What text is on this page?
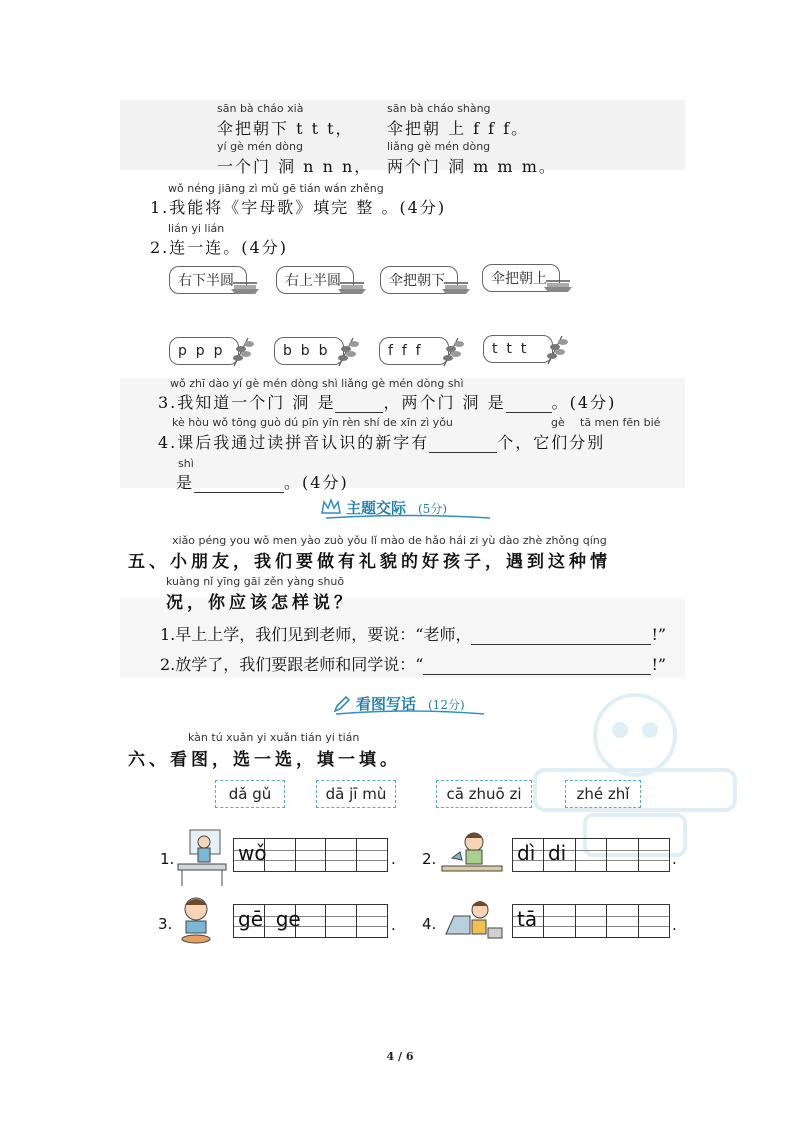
sān bà cháo xià
伞把朝下 t t t，
sān bà cháo shàng
伞把朝 上 f f f。
yí gè mén dòng
一个门 洞 n n n，
liǎng gè mén dòng
两个门 洞 m m m。
wǒ néng jiāng zì mǔ gē tián wán zhěng
1.我能将《字母歌》填完 整 。(4分)
lián yi lián
2.连一连。(4分)
右下半圆	右上半圆	伞把朝下	伞把朝上
p  p  p	b  b  b	f  f  f	t  t  t
wǒ zhī dào yí gè mén dòng shì liǎng gè mén dòng shì
3.我知道一个门 洞 是	，两个门 洞 是	。(4分)
kè hòu wǒ tōng guò dú pīn yīn rèn shí de xīn zì yǒu	gè tā men fēn bié
4.课后我通过读拼音认识的新字有	个，它们分别
shì
是	。(4分)
主题交际 (5分)
xiǎo péng you wǒ men yào zuò yǒu lǐ mào de hǎo hái zi yù dào zhè zhǒng qíng
五、小朋友，我们要做有礼貌的好孩子，遇到这种情
kuàng nǐ yīng gāi zěn yàng shuō
况，你应该怎样说？
1.早上上学，我们见到老师，要说：“老师，	!”
2.放学了，我们要跟老师和同学说：“	!”
看图写话 (12分)
kàn tú xuǎn yi xuǎn tián yi tián
六、看图，选一选，填一填。
dǎ gǔ	dā jī mù	cā zhuō zi	zhé zhǐ
1.	wǒ	. 2.	dì  di	.
3.	gē  ge	. 4.	tā	.
4 / 6
